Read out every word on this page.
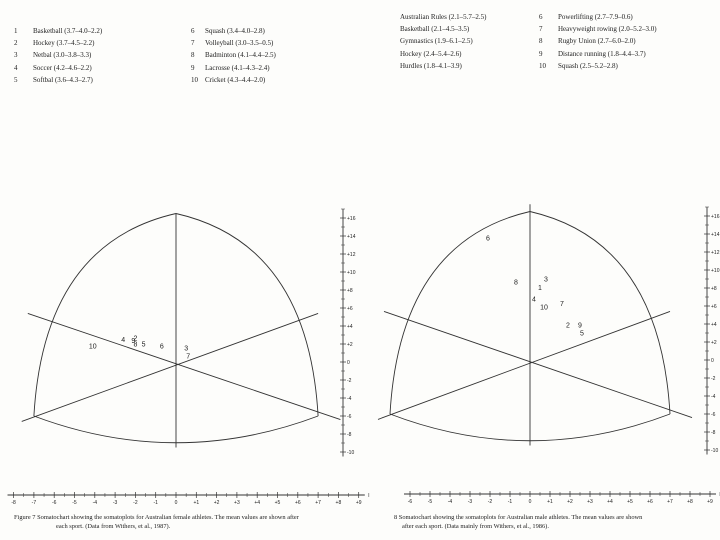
1	Basketball (3.7–4.0–2.2)
2	Hockey (3.7–4.5–2.2)
3	Netbal (3.0–3.8–3.3)
4	Soccer (4.2–4.6–2.2)
5	Softbal (3.6–4.3–2.7)
6	Squash (3.4–4.0–2.8)
7	Volleyball (3.0–3.5–0.5)
8	Badminton (4.1–4.4–2.5)
9	Lacrosse (4.1–4.3–2.4)
10	Cricket (4.3–4.4–2.0)
Australian Rules (2.1–5.7–2.5)
Basketball (2.1–4.5–3.5)
Gymnastics (1.9–6.1–2.5)
Hockey (2.4–5.4–2.6)
Hurdles (1.8–4.1–3.9)
6	Powerlifting (2.7–7.9–0.6)
7	Heavyweight rowing (2.0–5.2–3.0)
8	Rugby Union (2.7–6.0–2.0)
9	Distance running (1.8–4.4–3.7)
10	Squash (2.5–5.2–2.8)
+16
+14
+12
+10
+8
+6
+4
+2
0
-2
-4
-6
-8
-10
-8	-7	-6	-5	-4	-3	-2	-1	0	+1	+2	+3	+4	+5	+6	+7	+8	+9
10
4 9
2
8 5 6	3
7
+16
+14
+12
+10
+8
+6
+4
+2
0
-2
-4
-6
-8
-10
-6	-5	-4	-3	-2	-1	0	+1	+2	+3	+4	+5	+6	+7	+8	+9
6
8	3
1
4
7
10
2 9
5
Figure 7 Somatochart showing the somatoplots for Australian female athletes. The mean values are shown after
each sport. (Data from Withers, et al., 1987).
8 Somatochart showing the somatoplots for Australian male athletes. The mean values are shown
after each sport. (Data mainly from Withers, et al., 1986).
